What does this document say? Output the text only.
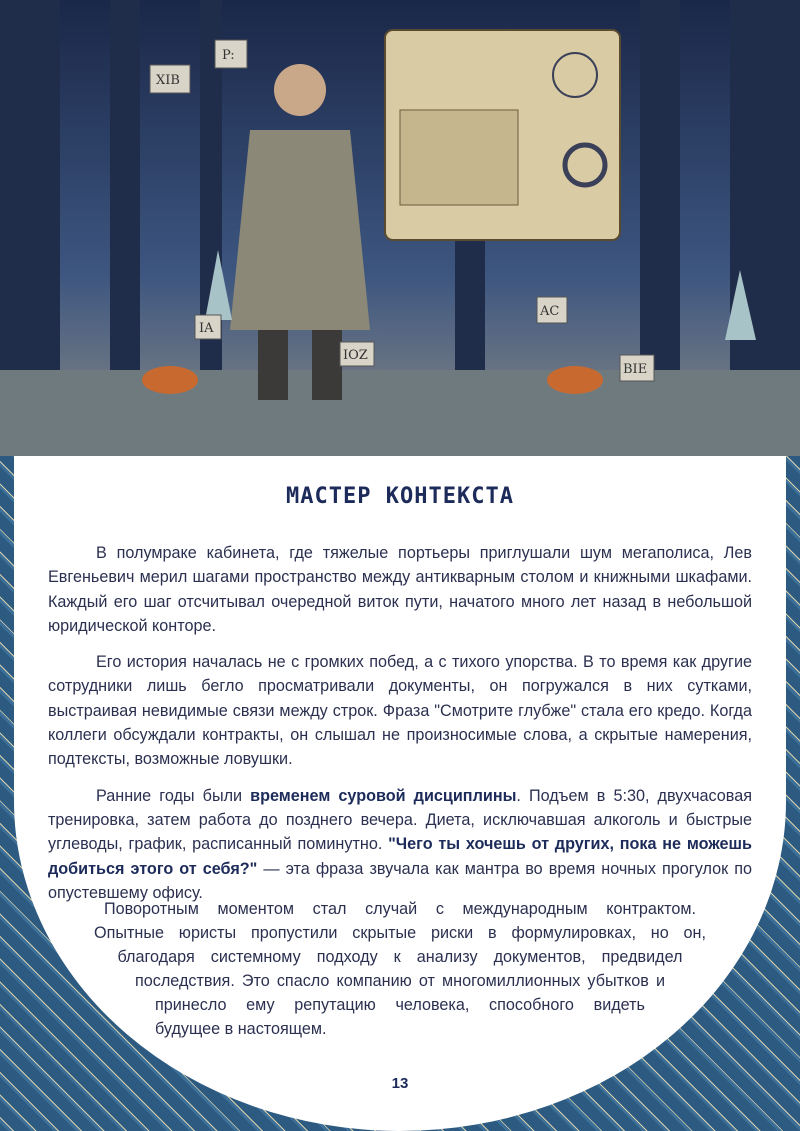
XIB
P:
AC
BIE
IA
IOZ
МАСТЕР КОНТЕКСТА

В полумраке кабинета, где тяжелые портьеры приглушали шум мегаполиса, Лев Евгеньевич мерил шагами пространство между антикварным столом и книжными шкафами. Каждый его шаг отсчитывал очередной виток пути, начатого много лет назад в небольшой юридической конторе.

Его история началась не с громких побед, а с тихого упорства. В то время как другие сотрудники лишь бегло просматривали документы, он погружался в них сутками, выстраивая невидимые связи между строк. Фраза "Смотрите глубже" стала его кредо. Когда коллеги обсуждали контракты, он слышал не произносимые слова, а скрытые намерения, подтексты, возможные ловушки.

Ранние годы были временем суровой дисциплины. Подъем в 5:30, двухчасовая тренировка, затем работа до позднего вечера. Диета, исключавшая алкоголь и быстрые углеводы, график, расписанный поминутно. "Чего ты хочешь от других, пока не можешь добиться этого от себя?" — эта фраза звучала как мантра во время ночных прогулок по опустевшему офису.

Поворотным моментом стал случай с международным контрактом.
Опытные юристы пропустили скрытые риски в формулировках, но он,
благодаря системному подходу к анализу документов, предвидел
последствия. Это спасло компанию от многомиллионных убытков и
принесло ему репутацию человека, способного видеть
будущее в настоящем.
13
